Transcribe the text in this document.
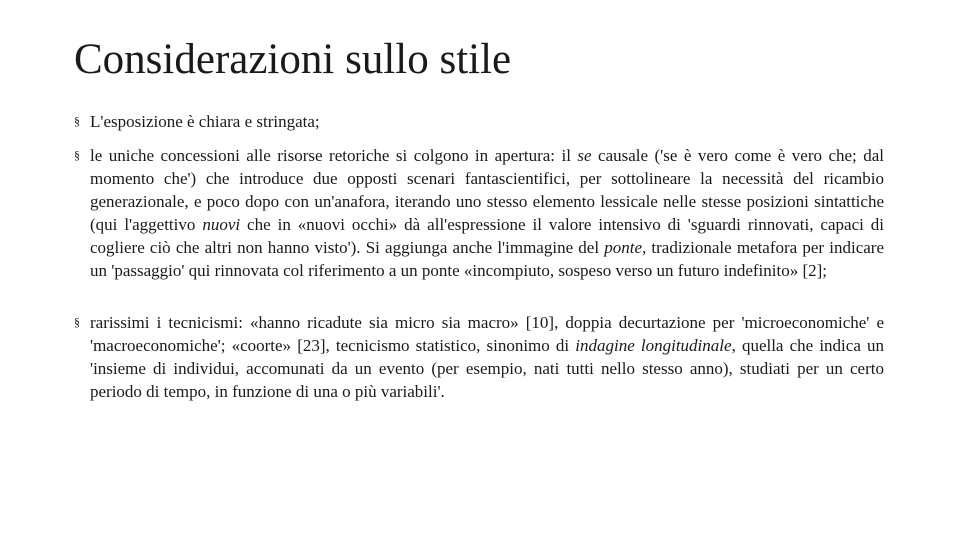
Considerazioni sullo stile
§ L'esposizione è chiara e stringata;
§ le uniche concessioni alle risorse retoriche si colgono in apertura: il se causale ('se è vero come è vero che; dal momento che') che introduce due opposti scenari fantascientifici, per sottolineare la necessità del ricambio generazionale, e poco dopo con un'anafora, iterando uno stesso elemento lessicale nelle stesse posizioni sintattiche (qui l'aggettivo nuovi che in «nuovi occhi» dà all'espressione il valore intensivo di 'sguardi rinnovati, capaci di cogliere ciò che altri non hanno visto'). Si aggiunga anche l'immagine del ponte, tradizionale metafora per indicare un 'passaggio' qui rinnovata col riferimento a un ponte «incompiuto, sospeso verso un futuro indefinito» [2];
§ rarissimi i tecnicismi: «hanno ricadute sia micro sia macro» [10], doppia decurtazione per 'microeconomiche' e 'macroeconomiche'; «coorte» [23], tecnicismo statistico, sinonimo di indagine longitudinale, quella che indica un 'insieme di individui, accomunati da un evento (per esempio, nati tutti nello stesso anno), studiati per un certo periodo di tempo, in funzione di una o più variabili'.
